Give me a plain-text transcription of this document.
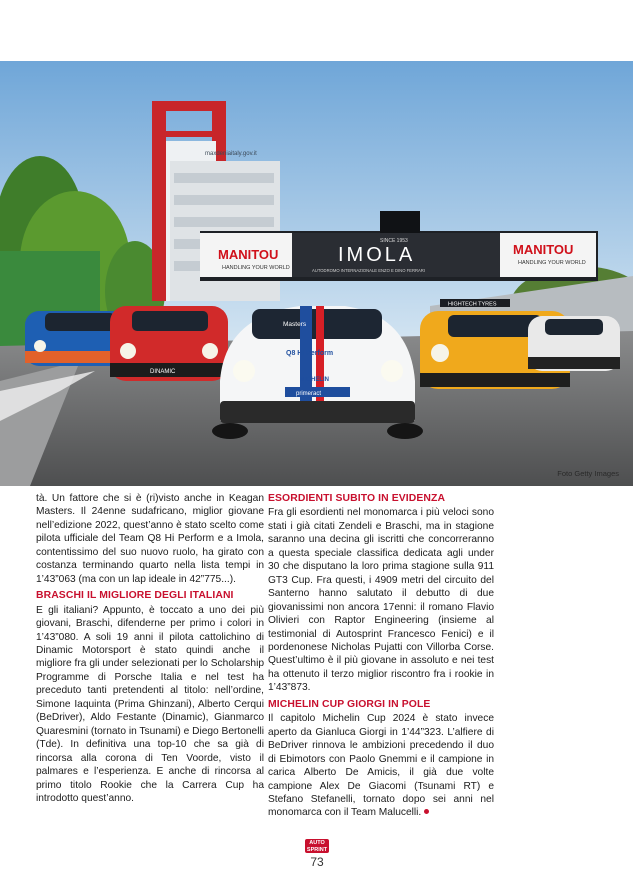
maxdeniaitaly.gov.it
MANITOU
HANDLING YOUR WORLD
SINCE 1953
IMOLA
AUTODROMO INTERNAZIONALE ENZO E DINO FERRARI
MANITOU
HANDLING YOUR WORLD
HIGHTECH TYRES
DINAMIC
Masters
Q8 Hi Perform
MICHELIN
primeract
Foto Getty Images

tà. Un fattore che si è (ri)visto anche in Keagan Masters. Il 24enne sudafricano, miglior giovane nell’edizione 2022, quest’anno è stato scelto come pilota ufficiale del Team Q8 Hi Perform e a Imola, contentissimo del suo nuovo ruolo, ha girato con costanza terminando quarto nella lista tempi in 1’43”063 (ma con un lap ideale in 42”775...).

BRASCHI IL MIGLIORE DEGLI ITALIANI

E gli italiani? Appunto, è toccato a uno dei più giovani, Braschi, difenderne per primo i colori in 1’43”080. A soli 19 anni il pilota cattolichino di Dinamic Motorsport è stato quindi anche il migliore fra gli under selezionati per lo Scholarship Programme di Porsche Italia e nel test ha preceduto tanti pretendenti al titolo: nell’ordine, Simone Iaquinta (Prima Ghinzani), Alberto Cerqui (BeDriver), Aldo Festante (Dinamic), Gianmarco Quaresmini (tornato in Tsunami) e Diego Bertonelli (Tde). In definitiva una top-10 che sa già di rincorsa alla corona di Ten Voorde, visto il palmares e l’esperienza. E anche di rincorsa al primo titolo Rookie che la Carrera Cup ha introdotto quest’anno.

ESORDIENTI SUBITO IN EVIDENZA

Fra gli esordienti nel monomarca i più veloci sono stati i già citati Zendeli e Braschi, ma in stagione saranno una decina gli iscritti che concorreranno a questa speciale classifica dedicata agli under 30 che disputano la loro prima stagione sulla 911 GT3 Cup. Fra questi, i 4909 metri del circuito del Santerno hanno salutato il debutto di due giovanissimi non ancora 17enni: il romano Flavio Olivieri con Raptor Engineering (insieme al testimonial di Autosprint Francesco Fenici) e il pordenonese Nicholas Pujatti con Villorba Corse. Quest’ultimo è il più giovane in assoluto e nei test ha ottenuto il terzo miglior riscontro fra i rookie in 1’43”873.

MICHELIN CUP GIORGI IN POLE

Il capitolo Michelin Cup 2024 è stato invece aperto da Gianluca Giorgi in 1’44”323. L’alfiere di BeDriver rinnova le ambizioni precedendo il duo di Ebimotors con Paolo Gnemmi e il campione in carica Alberto De Amicis, il già due volte campione Alex De Giacomi (Tsunami RT) e Stefano Stefanelli, tornato dopo sei anni nel monomarca con il Team Malucelli.

AUTO
SPRINT
73
